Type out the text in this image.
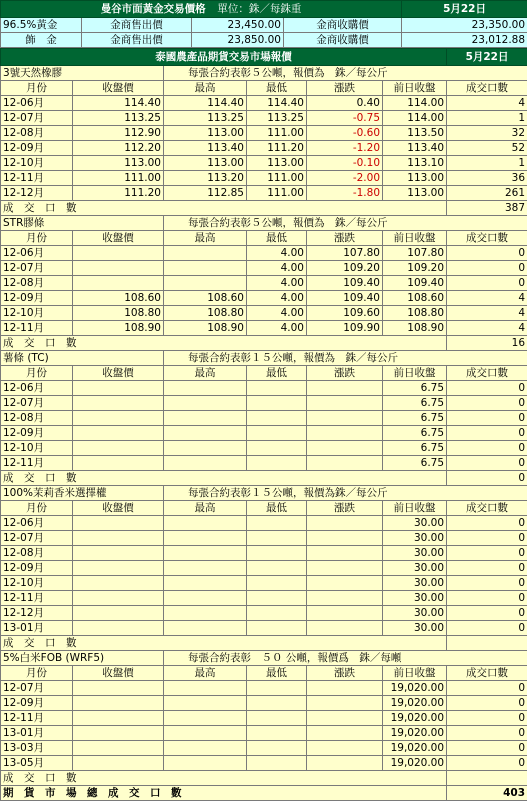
曼谷市面黃金交易價格 單位：銖／每銖重				5月22日
96.5%黃金	金商售出價	23,450.00	金商收購價	23,350.00
飾　金	金商售出價	23,850.00	金商收購價	23,012.88
泰國農產品期貨交易市場報價						5月22日
3號天然橡膠		每張合約表彰５公噸，報價為　銖／每公斤				
月份	收盤價	最高	最低	漲跌	前日收盤	成交口數
12-06月	114.40	114.40	114.40	0.40	114.00	4
12-07月	113.25	113.25	113.25	-0.75	114.00	1
12-08月	112.90	113.00	111.00	-0.60	113.50	32
12-09月	112.20	113.40	111.20	-1.20	113.40	52
12-10月	113.00	113.00	113.00	-0.10	113.10	1
12-11月	111.00	113.20	111.00	-2.00	113.00	36
12-12月	111.20	112.85	111.00	-1.80	113.00	261
成　交　口　數						387
STR膠條		每張合約表彰５公噸，報價為　銖／每公斤				
月份	收盤價	最高	最低	漲跌	前日收盤	成交口數
12-06月			4.00	107.80	107.80	0
12-07月			4.00	109.20	109.20	0
12-08月			4.00	109.40	109.40	0
12-09月	108.60	108.60	4.00	109.40	108.60	4
12-10月	108.80	108.80	4.00	109.60	108.80	4
12-11月	108.90	108.90	4.00	109.90	108.90	4
成　交　口　數						16
薯條 (TC)		每張合約表彰１５公噸，報價為　銖／每公斤				
月份	收盤價	最高	最低	漲跌	前日收盤	成交口數
12-06月					6.75	0
12-07月					6.75	0
12-08月					6.75	0
12-09月					6.75	0
12-10月					6.75	0
12-11月					6.75	0
成　交　口　數						0
100%茉莉香米選擇權		每張合約表彰１５公噸，報價為銖／每公斤				
月份	收盤價	最高	最低	漲跌	前日收盤	成交口數
12-06月					30.00	0
12-07月					30.00	0
12-08月					30.00	0
12-09月					30.00	0
12-10月					30.00	0
12-11月					30.00	0
12-12月					30.00	0
13-01月					30.00	0
成　交　口　數						
5%白米FOB (WRF5)		每張合約表彰　５０ 公噸，報價爲　銖／每噸				
月份	收盤價	最高	最低	漲跌	前日收盤	成交口數
12-07月					19,020.00	0
12-09月					19,020.00	0
12-11月					19,020.00	0
13-01月					19,020.00	0
13-03月					19,020.00	0
13-05月					19,020.00	0
成　交　口　數						
期　貨　市　場　總　成　交　口　數						403
